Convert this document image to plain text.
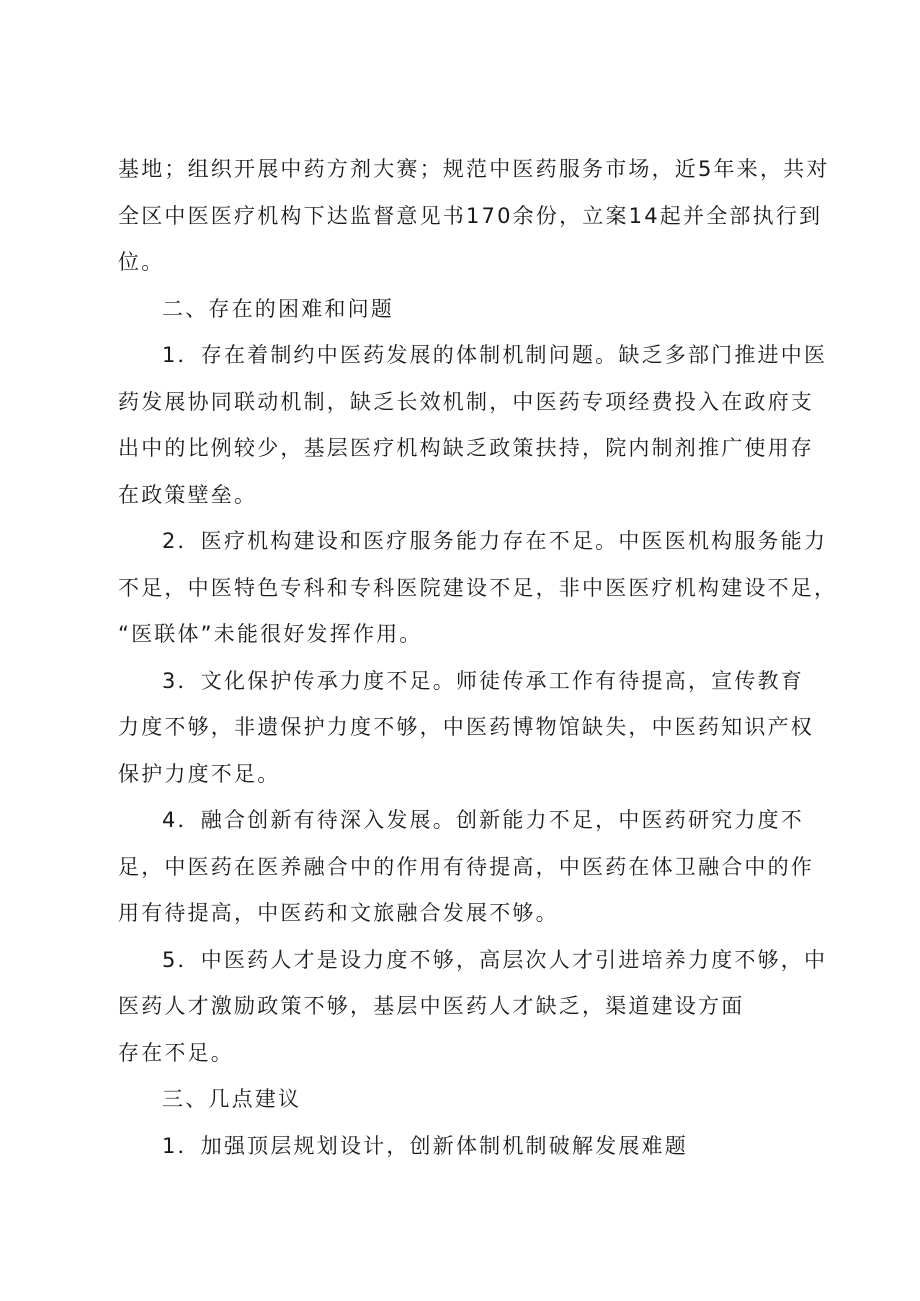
基地；组织开展中药方剂大赛；规范中医药服务市场，近5年来，共对
全区中医医疗机构下达监督意见书170余份，立案14起并全部执行到
位。
二、存在的困难和问题
1．存在着制约中医药发展的体制机制问题。缺乏多部门推进中医
药发展协同联动机制，缺乏长效机制，中医药专项经费投入在政府支
出中的比例较少，基层医疗机构缺乏政策扶持，院内制剂推广使用存
在政策壁垒。
2．医疗机构建设和医疗服务能力存在不足。中医医机构服务能力
不足，中医特色专科和专科医院建设不足，非中医医疗机构建设不足，
“医联体”未能很好发挥作用。
3．文化保护传承力度不足。师徒传承工作有待提高，宣传教育
力度不够，非遗保护力度不够，中医药博物馆缺失，中医药知识产权
保护力度不足。
4．融合创新有待深入发展。创新能力不足，中医药研究力度不
足，中医药在医养融合中的作用有待提高，中医药在体卫融合中的作
用有待提高，中医药和文旅融合发展不够。
5．中医药人才是设力度不够，高层次人才引进培养力度不够，中
医药人才激励政策不够，基层中医药人才缺乏，渠道建设方面
存在不足。
三、几点建议
1．加强顶层规划设计，创新体制机制破解发展难题
